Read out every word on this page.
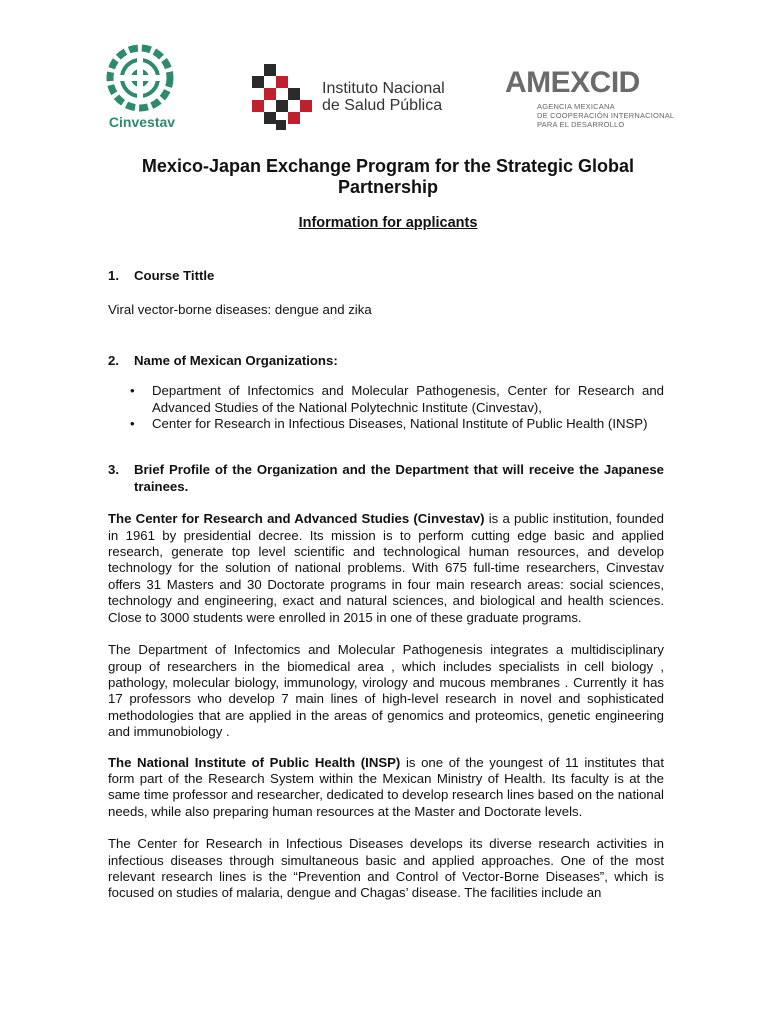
Cinvestav
Instituto Nacional
de Salud Pública
AMEXCID
AGENCIA MEXICANA
DE COOPERACIÓN INTERNACIONAL
PARA EL DESARROLLO
Mexico-Japan Exchange Program for the Strategic Global
Partnership
Information for applicants
1.	Course Tittle

Viral vector-borne diseases: dengue and zika

2.	Name of Mexican Organizations:
• Department of Infectomics and Molecular Pathogenesis, Center for Research and Advanced Studies of the National Polytechnic Institute (Cinvestav),
• Center for Research in Infectious Diseases, National Institute of Public Health (INSP)
3.	Brief Profile of the Organization and the Department that will receive the Japanese trainees.

The Center for Research and Advanced Studies (Cinvestav) is a public institution, founded in 1961 by presidential decree. Its mission is to perform cutting edge basic and applied research, generate top level scientific and technological human resources, and develop technology for the solution of national problems. With 675 full-time researchers, Cinvestav offers 31 Masters and 30 Doctorate programs in four main research areas: social sciences, technology and engineering, exact and natural sciences, and biological and health sciences. Close to 3000 students were enrolled in 2015 in one of these graduate programs.

The Department of Infectomics and Molecular Pathogenesis integrates a multidisciplinary group of researchers in the biomedical area , which includes specialists in cell biology , pathology, molecular biology, immunology, virology and mucous membranes . Currently it has 17 professors who develop 7 main lines of high-level research in novel and sophisticated methodologies that are applied in the areas of genomics and proteomics, genetic engineering and immunobiology .

The National Institute of Public Health (INSP) is one of the youngest of 11 institutes that form part of the Research System within the Mexican Ministry of Health. Its faculty is at the same time professor and researcher, dedicated to develop research lines based on the national needs, while also preparing human resources at the Master and Doctorate levels.

The Center for Research in Infectious Diseases develops its diverse research activities in infectious diseases through simultaneous basic and applied approaches. One of the most relevant research lines is the “Prevention and Control of Vector-Borne Diseases”, which is focused on studies of malaria, dengue and Chagas’ disease. The facilities include an
